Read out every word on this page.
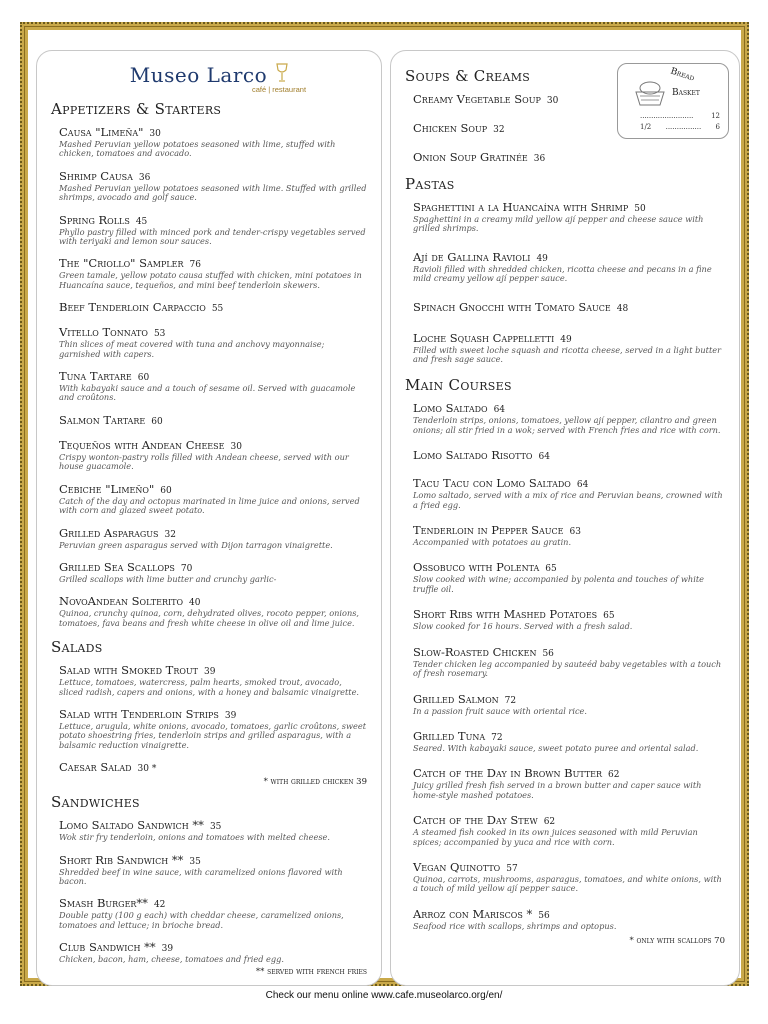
Museo Larco
café | restaurant
Appetizers & Starters
Causa "Limeña" 30
Mashed Peruvian yellow potatoes seasoned with lime, stuffed with chicken, tomatoes and avocado.
Shrimp Causa 36
Mashed Peruvian yellow potatoes seasoned with lime. Stuffed with grilled shrimps, avocado and golf sauce.
Spring Rolls 45
Phyllo pastry filled with minced pork and tender-crispy vegetables served with teriyaki and lemon sour sauces.
The "Criollo" Sampler 76
Green tamale, yellow potato causa stuffed with chicken, mini potatoes in Huancaína sauce, tequeños, and mini beef tenderloin skewers.
Beef Tenderloin Carpaccio 55
Vitello Tonnato 53
Thin slices of meat covered with tuna and anchovy mayonnaise; garnished with capers.
Tuna Tartare 60
With kabayaki sauce and a touch of sesame oil. Served with guacamole and croûtons.
Salmon Tartare 60
Tequeños with Andean Cheese 30
Crispy wonton-pastry rolls filled with Andean cheese, served with our house guacamole.
Cebiche "Limeño" 60
Catch of the day and octopus marinated in lime juice and onions, served with corn and glazed sweet potato.
Grilled Asparagus 32
Peruvian green asparagus served with Dijon tarragon vinaigrette.
Grilled Sea Scallops 70
Grilled scallops with lime butter and crunchy garlic-
NovoAndean Solterito 40
Quinoa, crunchy quinoa, corn, dehydrated olives, rocoto pepper, onions, tomatoes, fava beans and fresh white cheese in olive oil and lime juice.
Salads
Salad with Smoked Trout 39
Lettuce, tomatoes, watercress, palm hearts, smoked trout, avocado, sliced radish, capers and onions, with a honey and balsamic vinaigrette.
Salad with Tenderloin Strips 39
Lettuce, arugula, white onions, avocado, tomatoes, garlic croûtons, sweet potato shoestring fries, tenderloin strips and grilled asparagus, with a balsamic reduction vinaigrette.
Caesar Salad 30 *
* with grilled chicken 39
Sandwiches
Lomo Saltado Sandwich ** 35
Wok stir fry tenderloin, onions and tomatoes with melted cheese.
Short Rib Sandwich ** 35
Shredded beef in wine sauce, with caramelized onions flavored with bacon.
Smash Burger** 42
Double patty (100 g each) with cheddar cheese, caramelized onions, tomatoes and lettuce; in brioche bread.
Club Sandwich ** 39
Chicken, bacon, ham, cheese, tomatoes and fried egg.
** served with french fries
Bread
Basket
........................	12
1/2 ................ 6
Soups & Creams
Creamy Vegetable Soup 30
Chicken Soup 32
Onion Soup Gratinée 36
Pastas
Spaghettini a la Huancaína with Shrimp 50
Spaghettini in a creamy mild yellow ají pepper and cheese sauce with grilled shrimps.
Ají de Gallina Ravioli 49
Ravioli filled with shredded chicken, ricotta cheese and pecans in a fine mild creamy yellow ají pepper sauce.
Spinach Gnocchi with Tomato Sauce 48
Loche Squash Cappelletti 49
Filled with sweet loche squash and ricotta cheese, served in a light butter and fresh sage sauce.
Main Courses
Lomo Saltado 64
Tenderloin strips, onions, tomatoes, yellow ají pepper, cilantro and green onions; all stir fried in a wok; served with French fries and rice with corn.
Lomo Saltado Risotto 64
Tacu Tacu con Lomo Saltado 64
Lomo saltado, served with a mix of rice and Peruvian beans, crowned with a fried egg.
Tenderloin in Pepper Sauce 63
Accompanied with potatoes au gratin.
Ossobuco with Polenta 65
Slow cooked with wine; accompanied by polenta and touches of white truffle oil.
Short Ribs with Mashed Potatoes 65
Slow cooked for 16 hours. Served with a fresh salad.
Slow-Roasted Chicken 56
Tender chicken leg accompanied by sauteéd baby vegetables with a touch of fresh rosemary.
Grilled Salmon 72
In a passion fruit sauce with oriental rice.
Grilled Tuna 72
Seared. With kabayaki sauce, sweet potato puree and oriental salad.
Catch of the Day in Brown Butter 62
Juicy grilled fresh fish served in a brown butter and caper sauce with home-style mashed potatoes.
Catch of the Day Stew 62
A steamed fish cooked in its own juices seasoned with mild Peruvian spices; accompanied by yuca and rice with corn.
Vegan Quinotto 57
Quinoa, carrots, mushrooms, asparagus, tomatoes, and white onions, with a touch of mild yellow ají pepper sauce.
Arroz con Mariscos * 56
Seafood rice with scallops, shrimps and optopus.
* only with scallops 70
Check our menu online www.cafe.museolarco.org/en/
